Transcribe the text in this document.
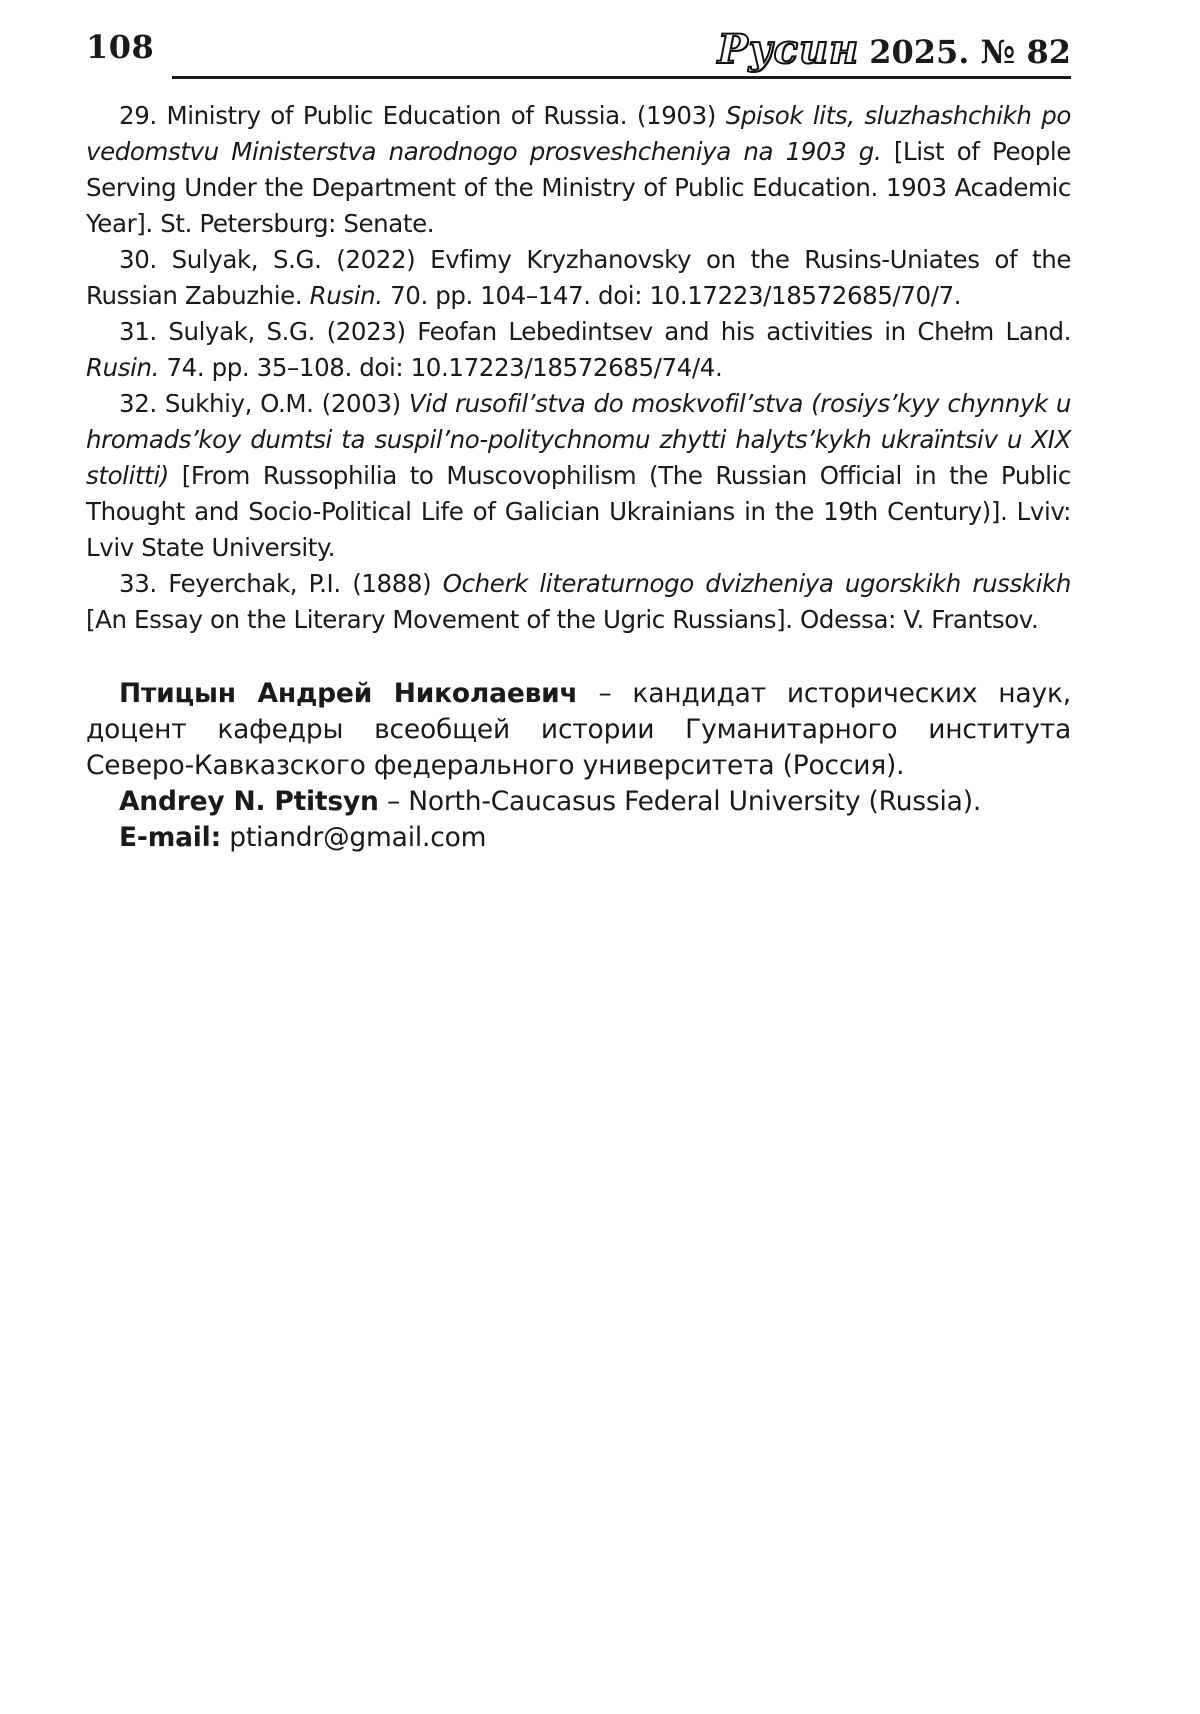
108	Русин 2025. № 82

29. Ministry of Public Education of Russia. (1903) Spisok lits, sluzhashchikh po vedomstvu Ministerstva narodnogo prosveshcheniya na 1903 g. [List of People Serving Under the Department of the Ministry of Public Education. 1903 Academic Year]. St. Petersburg: Senate.

30. Sulyak, S.G. (2022) Evfimy Kryzhanovsky on the Rusins-Uniates of the Russian Zabuzhie. Rusin. 70. pp. 104–147. doi: 10.17223/18572685/70/7.

31. Sulyak, S.G. (2023) Feofan Lebedintsev and his activities in Chełm Land. Rusin. 74. pp. 35–108. doi: 10.17223/18572685/74/4.

32. Sukhiy, O.M. (2003) Vid rusofil’stva do moskvofil’stva (rosiys’kyy chynnyk u hromads’koy dumtsi ta suspil’no-politychnomu zhytti halyts’kykh ukraïntsiv u XIX stolitti) [From Russophilia to Muscovophilism (The Russian Official in the Public Thought and Socio-Political Life of Galician Ukrainians in the 19th Century)]. Lviv: Lviv State University.

33. Feyerchak, P.I. (1888) Ocherk literaturnogo dvizheniya ugorskikh russkikh [An Essay on the Literary Movement of the Ugric Russians]. Odessa: V. Frantsov.

Птицын Андрей Николаевич – кандидат исторических наук, доцент кафедры всеобщей истории Гуманитарного института Северо-Кавказского федерального университета (Россия).

Andrey N. Ptitsyn – North-Caucasus Federal University (Russia).

E-mail: ptiandr@gmail.com
